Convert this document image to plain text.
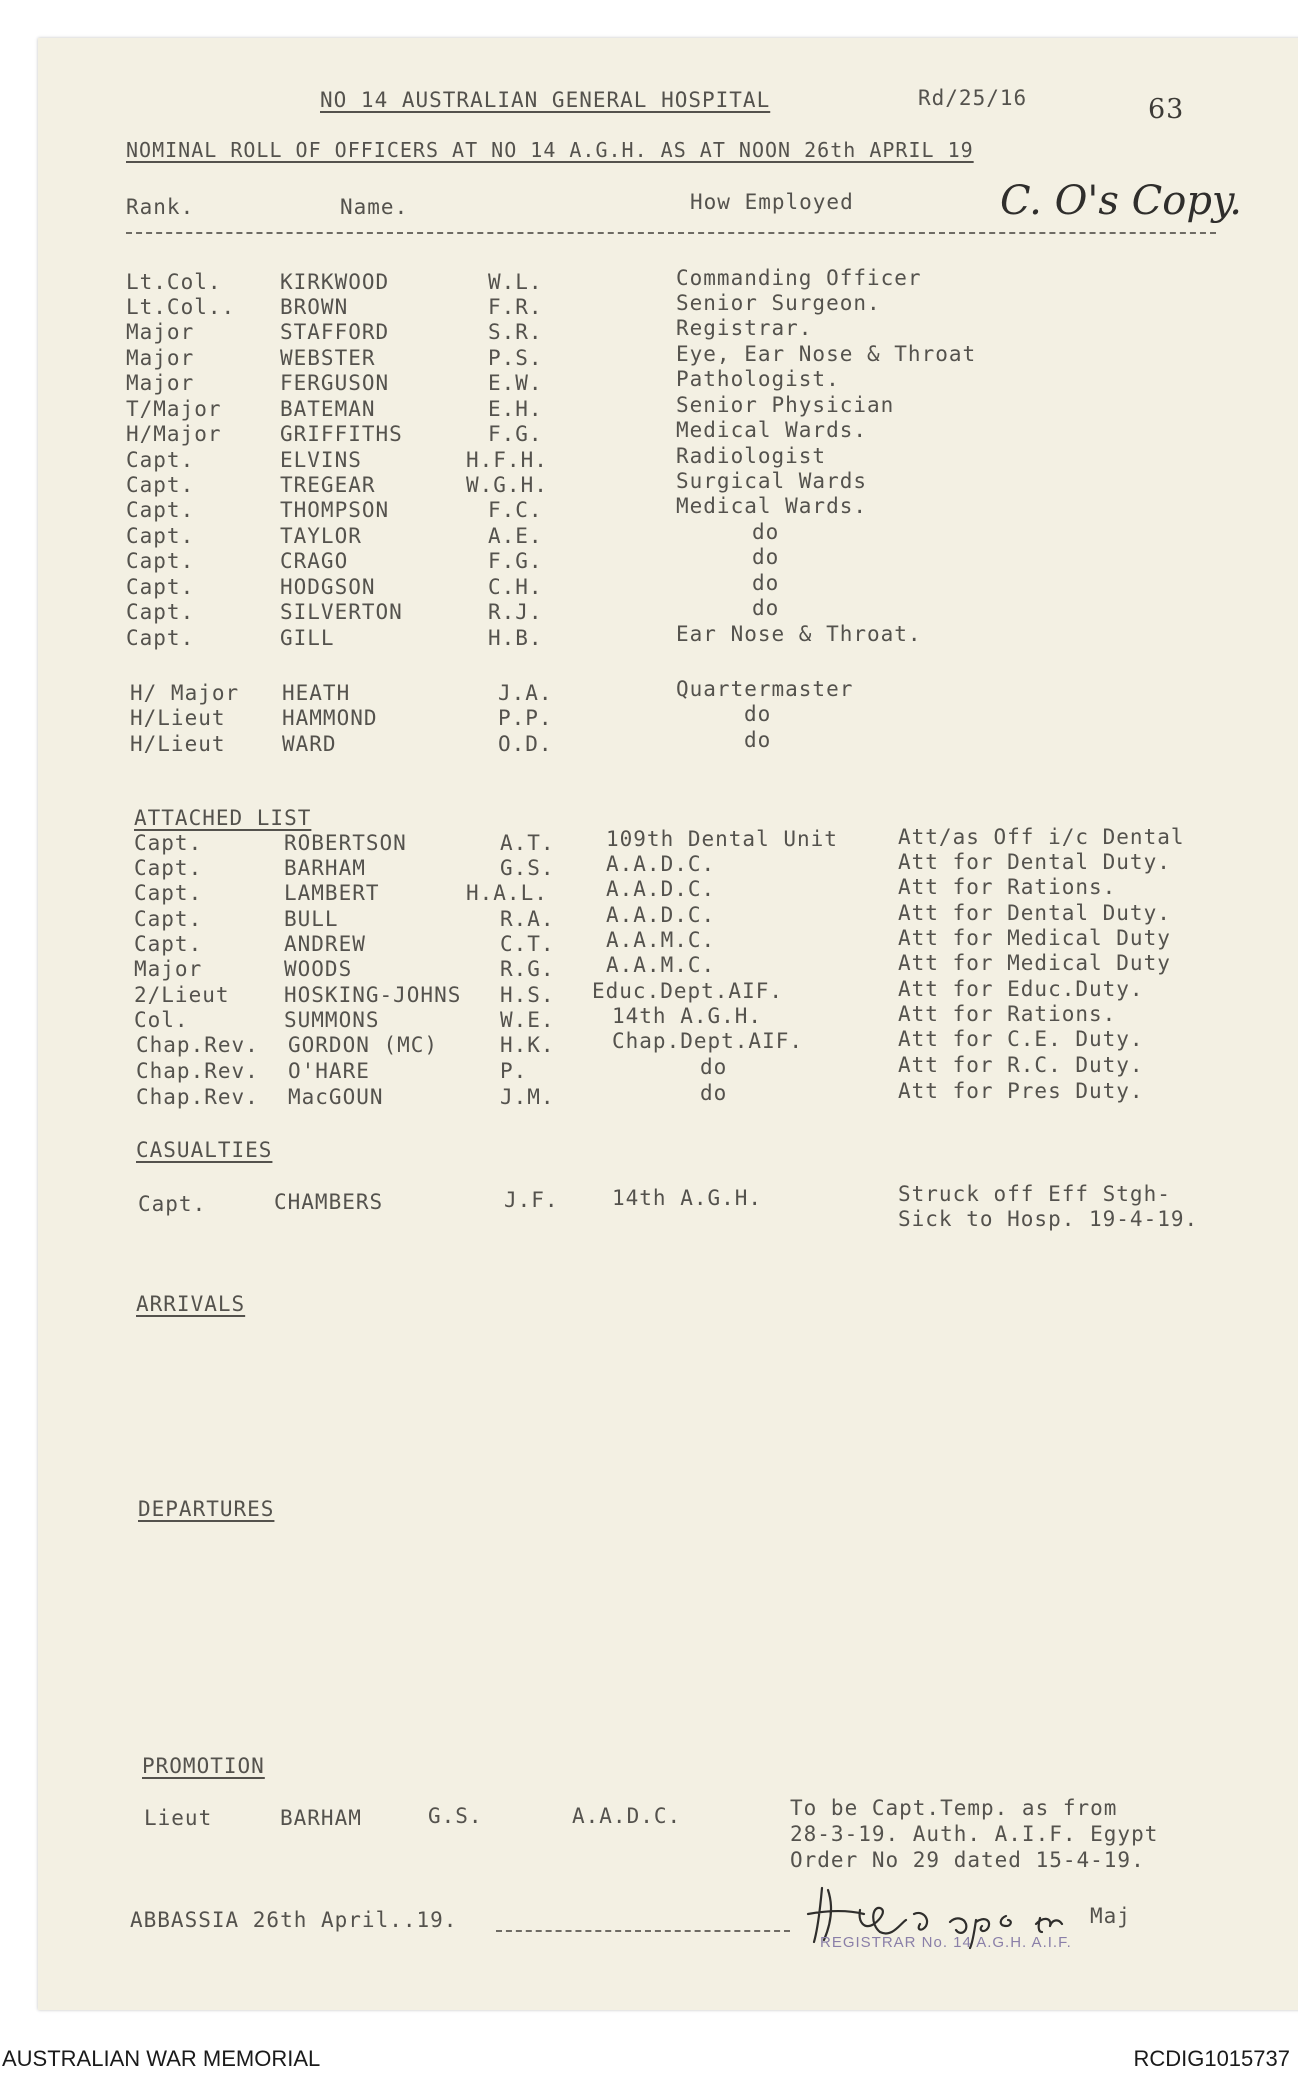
NO 14 AUSTRALIAN GENERAL HOSPITAL	Rd/25/16	63
NOMINAL ROLL OF OFFICERS AT NO 14 A.G.H. AS AT NOON 26th APRIL 19
Rank.	Name.	How Employed	C. O's Copy.
Lt.Col.	KIRKWOOD	W.L.	Commanding Officer
Lt.Col.. BROWN	F.R.	Senior Surgeon.
Major	STAFFORD	S.R.	Registrar.
Major	WEBSTER	P.S.	Eye, Ear Nose & Throat
Major	FERGUSON	E.W.	Pathologist.
T/Major	BATEMAN	E.H.	Senior Physician
H/Major	GRIFFITHS	F.G.	Medical Wards.
Capt.	ELVINS	H.F.H.	Radiologist
Capt.	TREGEAR	W.G.H.	Surgical Wards
Capt.	THOMPSON	F.C.	Medical Wards.
Capt.	TAYLOR	A.E.	do
Capt.	CRAGO	F.G.	do
Capt.	HODGSON	C.H.	do
Capt.	SILVERTON	R.J.	do
Capt.	GILL	H.B.	Ear Nose & Throat.
H/ Major HEATH	J.A.	Quartermaster
H/Lieut	HAMMOND	P.P.	do
H/Lieut	WARD	O.D.	do
ATTACHED LIST
Capt.	ROBERTSON	A.T. 109th Dental Unit	Att/as Off i/c Dental
Capt.	BARHAM	G.S. A.A.D.C.	Att for Dental Duty.
Capt.	LAMBERT	H.A.L.	A.A.D.C.	Att for Rations.
Capt.	BULL	R.A. A.A.D.C.	Att for Dental Duty.
Capt.	ANDREW	C.T. A.A.M.C.	Att for Medical Duty
Major	WOODS	R.G. A.A.M.C.	Att for Medical Duty
2/Lieut	HOSKING-JOHNS H.S. Educ.Dept.AIF.	Att for Educ.Duty.
Col.	SUMMONS	W.E.	14th A.G.H.	Att for Rations.
Chap.Rev. GORDON (MC)	H.K.	Chap.Dept.AIF.	Att for C.E. Duty.
Chap.Rev. O'HARE	P.	do	Att for R.C. Duty.
Chap.Rev. MacGOUN	J.M.	do	Att for Pres Duty.
CASUALTIES
Capt.	CHAMBERS	J.F.	14th A.G.H.	Struck off Eff Stgh-
Sick to Hosp. 19-4-19.
ARRIVALS
DEPARTURES
PROMOTION
Lieut	BARHAM	G.S.	A.A.D.C.	To be Capt.Temp. as from
28-3-19. Auth. A.I.F. Egypt
Order No 29 dated 15-4-19.
ABBASSIA 26th April..19.	Maj
REGISTRAR No. 14 A.G.H. A.I.F.
AUSTRALIAN WAR MEMORIAL	RCDIG1015737
